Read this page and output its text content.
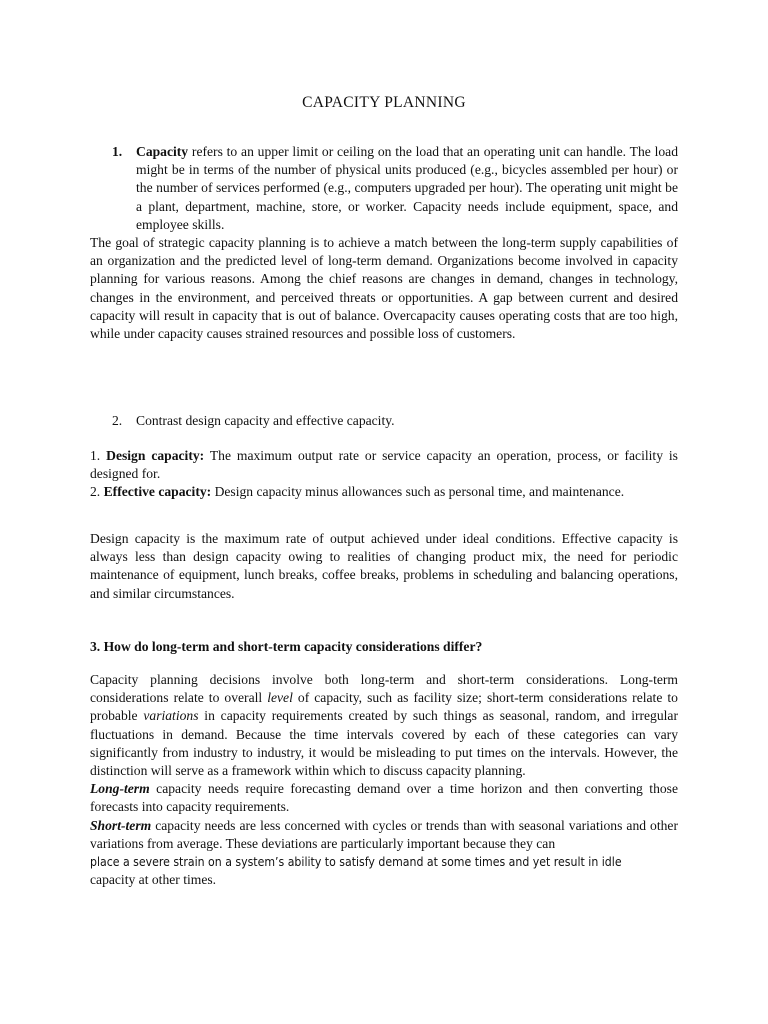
CAPACITY PLANNING

1. Capacity refers to an upper limit or ceiling on the load that an operating unit can handle. The load might be in terms of the number of physical units produced (e.g., bicycles assembled per hour) or the number of services performed (e.g., computers upgraded per hour). The operating unit might be a plant, department, machine, store, or worker. Capacity needs include equipment, space, and employee skills.

The goal of strategic capacity planning is to achieve a match between the long-term supply capabilities of an organization and the predicted level of long-term demand. Organizations become involved in capacity planning for various reasons. Among the chief reasons are changes in demand, changes in technology, changes in the environment, and perceived threats or opportunities. A gap between current and desired capacity will result in capacity that is out of balance. Overcapacity causes operating costs that are too high, while under capacity causes strained resources and possible loss of customers.

2. Contrast design capacity and effective capacity.

1. Design capacity: The maximum output rate or service capacity an operation, process, or facility is designed for.

2. Effective capacity: Design capacity minus allowances such as personal time, and maintenance.

Design capacity is the maximum rate of output achieved under ideal conditions. Effective capacity is always less than design capacity owing to realities of changing product mix, the need for periodic maintenance of equipment, lunch breaks, coffee breaks, problems in scheduling and balancing operations, and similar circumstances.

3. How do long-term and short-term capacity considerations differ?

Capacity planning decisions involve both long-term and short-term considerations. Long-term considerations relate to overall level of capacity, such as facility size; short-term considerations relate to probable variations in capacity requirements created by such things as seasonal, random, and irregular fluctuations in demand. Because the time intervals covered by each of these categories can vary significantly from industry to industry, it would be misleading to put times on the intervals. However, the distinction will serve as a framework within which to discuss capacity planning.

Long-term capacity needs require forecasting demand over a time horizon and then converting those forecasts into capacity requirements.

Short-term capacity needs are less concerned with cycles or trends than with seasonal variations and other variations from average. These deviations are particularly important because they can
place a severe strain on a system’s ability to satisfy demand at some times and yet result in idle
capacity at other times.
